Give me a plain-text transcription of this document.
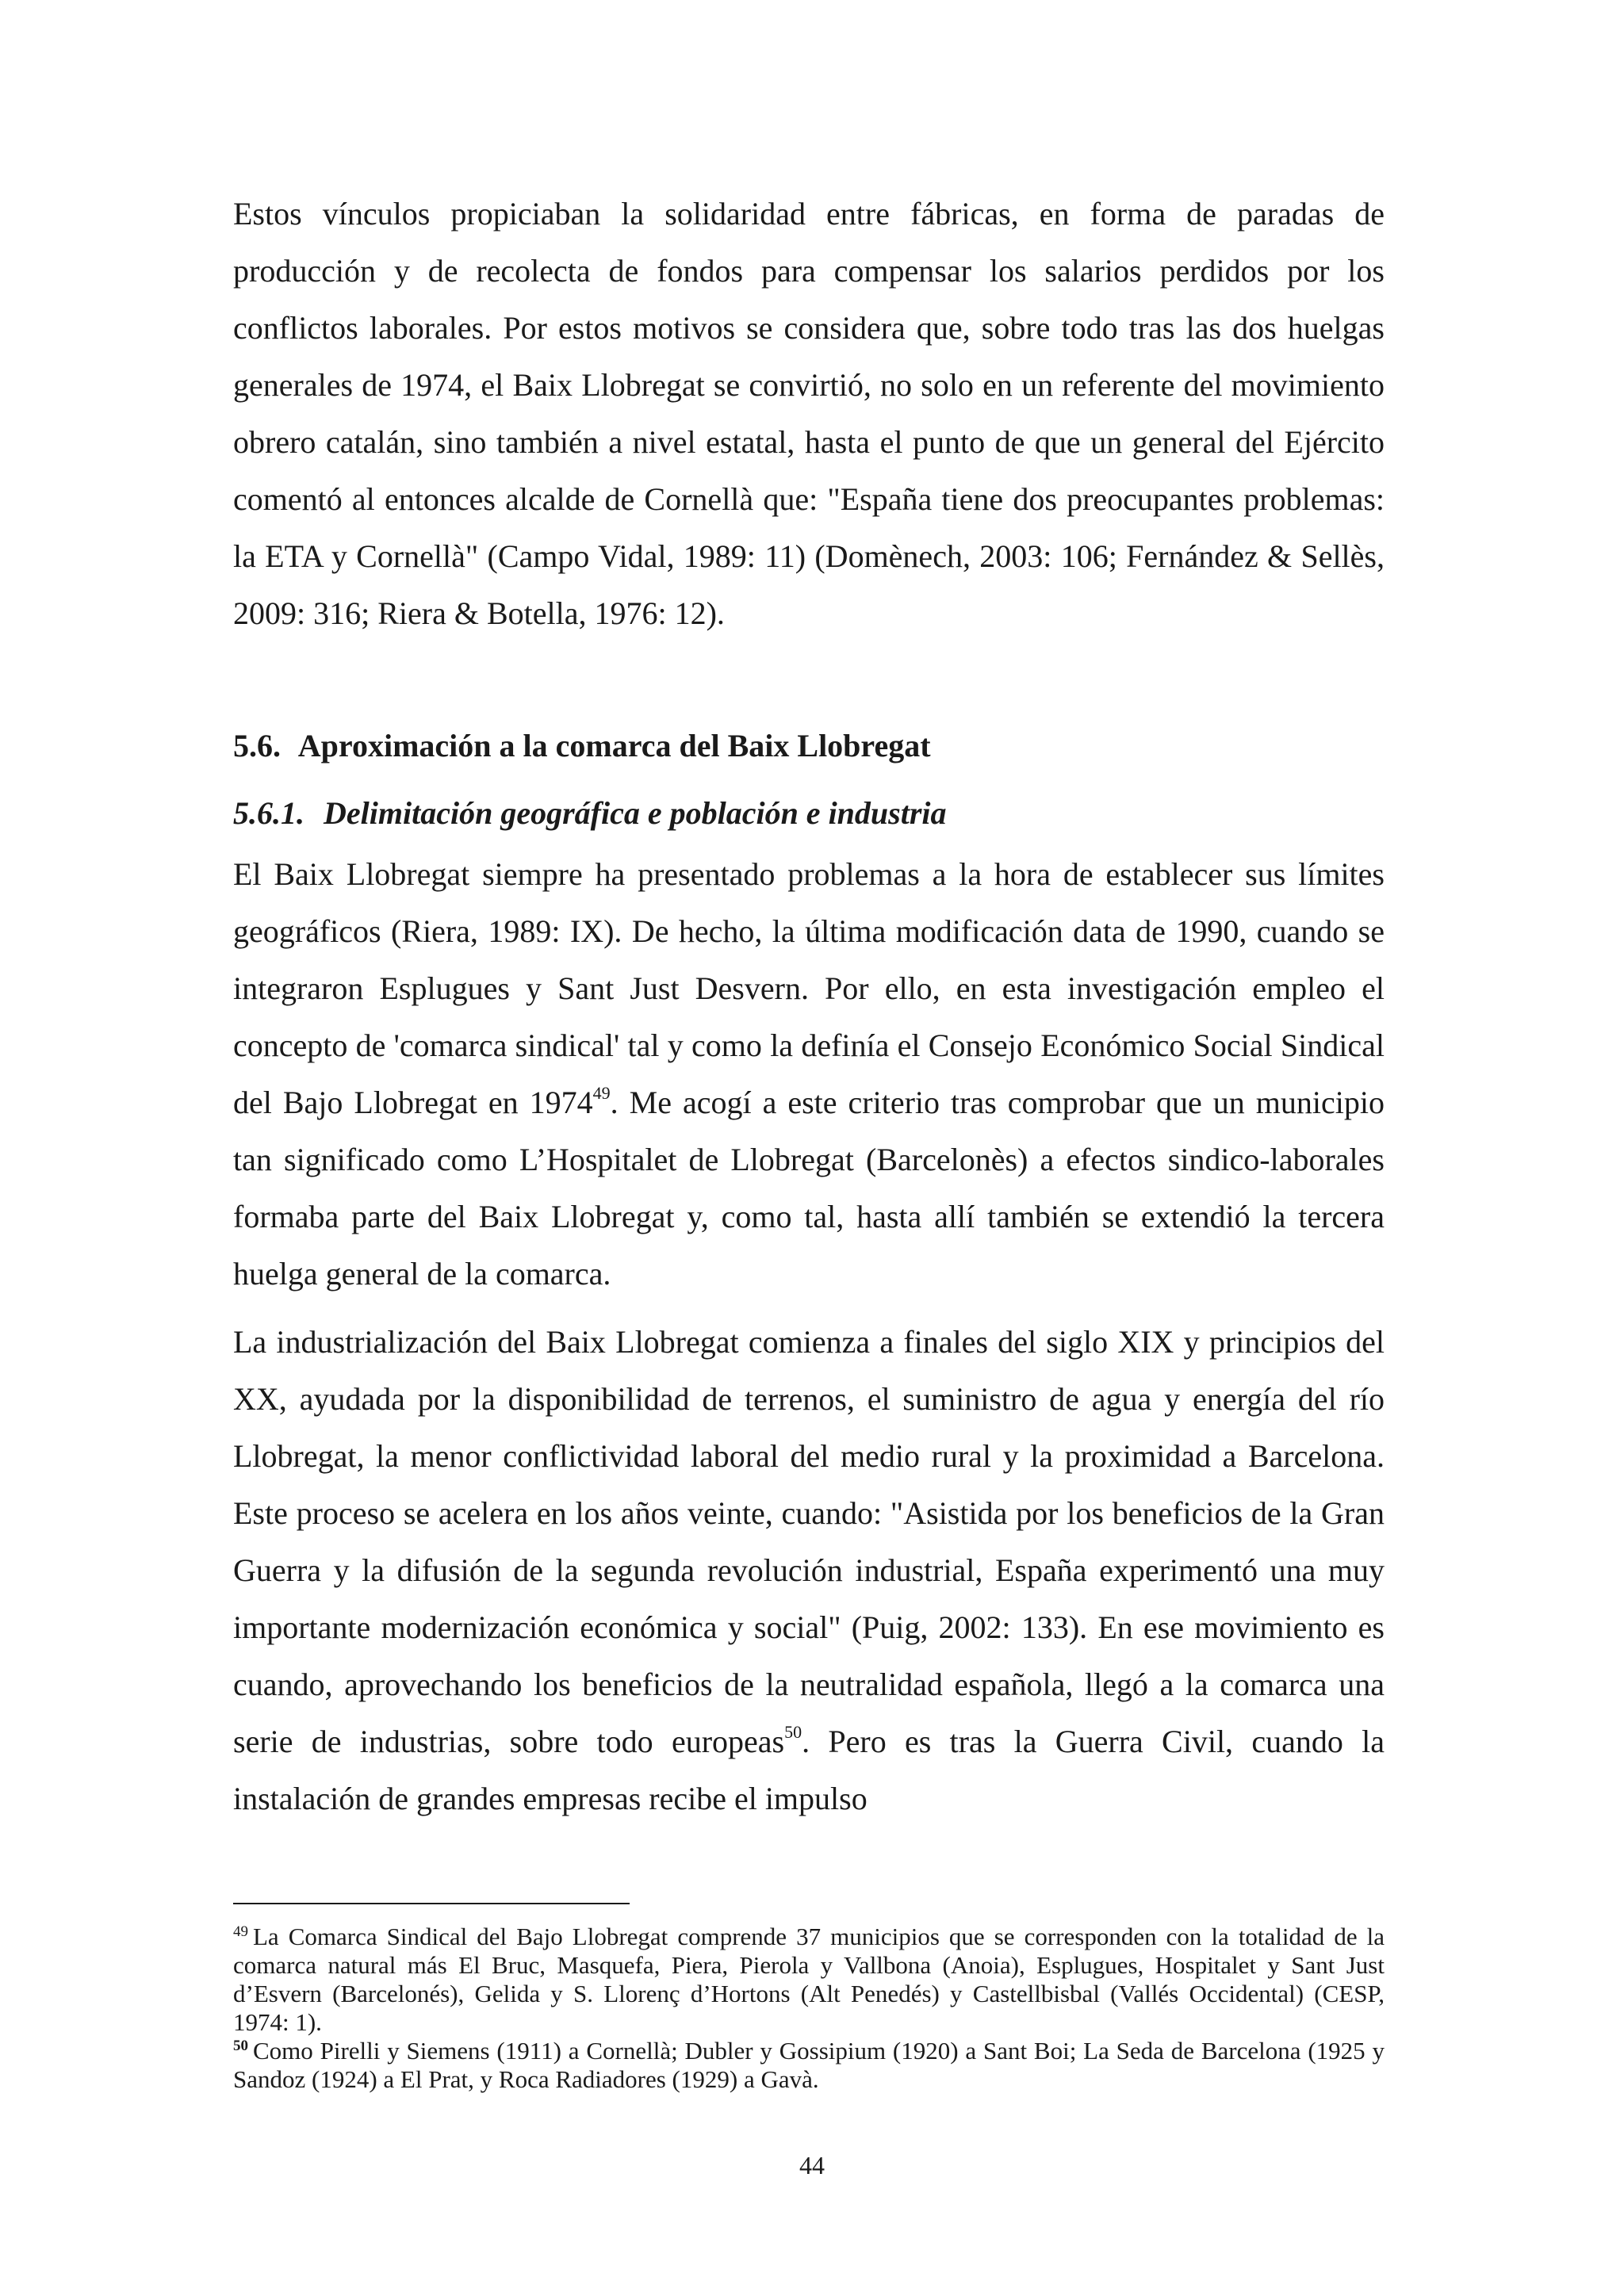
Estos vínculos propiciaban la solidaridad entre fábricas, en forma de paradas de producción y de recolecta de fondos para compensar los salarios perdidos por los conflictos laborales. Por estos motivos se considera que, sobre todo tras las dos huelgas generales de 1974, el Baix Llobregat se convirtió, no solo en un referente del movimiento obrero catalán, sino también a nivel estatal, hasta el punto de que un general del Ejército comentó al entonces alcalde de Cornellà que: "España tiene dos preocupantes problemas: la ETA y Cornellà" (Campo Vidal, 1989: 11) (Domènech, 2003: 106; Fernández & Sellès, 2009: 316; Riera & Botella, 1976: 12).

5.6. Aproximación a la comarca del Baix Llobregat
5.6.1. Delimitación geográfica e población e industria

El Baix Llobregat siempre ha presentado problemas a la hora de establecer sus límites geográficos (Riera, 1989: IX). De hecho, la última modificación data de 1990, cuando se integraron Esplugues y Sant Just Desvern. Por ello, en esta investigación empleo el concepto de 'comarca sindical' tal y como la definía el Consejo Económico Social Sindical del Bajo Llobregat en 1974$^{49}$. Me acogí a este criterio tras comprobar que un municipio tan significado como L’Hospitalet de Llobregat (Barcelonès) a efectos sindico-laborales formaba parte del Baix Llobregat y, como tal, hasta allí también se extendió la tercera huelga general de la comarca.

La industrialización del Baix Llobregat comienza a finales del siglo XIX y principios del XX, ayudada por la disponibilidad de terrenos, el suministro de agua y energía del río Llobregat, la menor conflictividad laboral del medio rural y la proximidad a Barcelona. Este proceso se acelera en los años veinte, cuando: "Asistida por los beneficios de la Gran Guerra y la difusión de la segunda revolución industrial, España experimentó una muy importante modernización económica y social" (Puig, 2002: 133). En ese movimiento es cuando, aprovechando los beneficios de la neutralidad española, llegó a la comarca una serie de industrias, sobre todo europeas$^{50}$. Pero es tras la Guerra Civil, cuando la instalación de grandes empresas recibe el impulso

$^{49}$ La Comarca Sindical del Bajo Llobregat comprende 37 municipios que se corresponden con la totalidad de la comarca natural más El Bruc, Masquefa, Piera, Pierola y Vallbona (Anoia), Esplugues, Hospitalet y Sant Just d’Esvern (Barcelonés), Gelida y S. Llorenç d’Hortons (Alt Penedés) y Castellbisbal (Vallés Occidental) (CESP, 1974: 1).

$^{50}$ Como Pirelli y Siemens (1911) a Cornellà; Dubler y Gossipium (1920) a Sant Boi; La Seda de Barcelona (1925 y Sandoz (1924) a El Prat, y Roca Radiadores (1929) a Gavà.

44
